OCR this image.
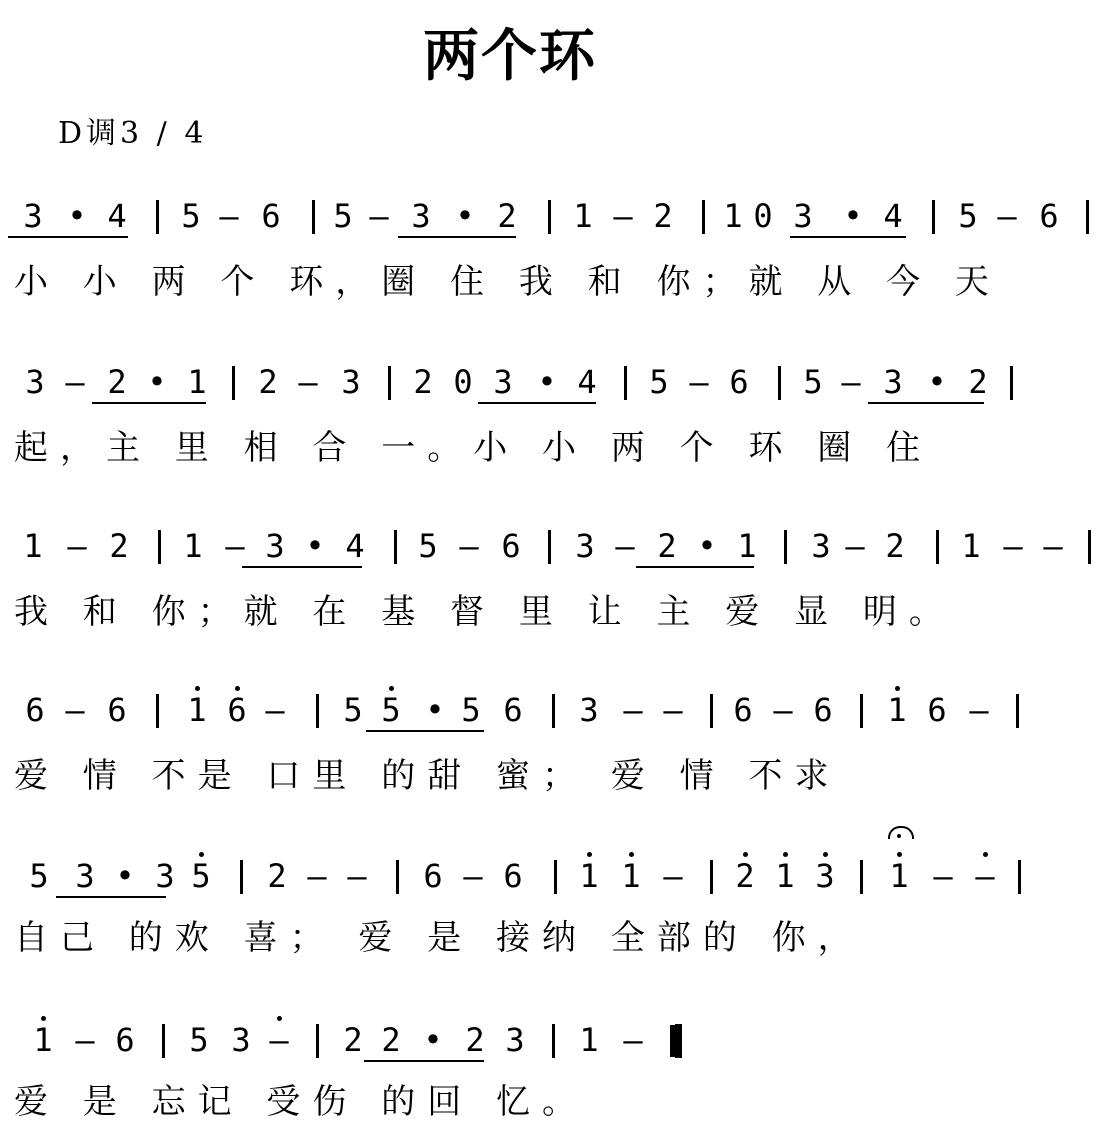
两个环
D调3 / 4
3 • 4 5 — 6 5 — 3 • 2 1 — 2 1 0 3 • 4 5 — 6
小 小 两 个 环，圈 住 我 和 你；就 从 今 天
3 — 2 • 1 2 — 3 2 0 3 • 4 5 — 6 5 — 3 • 2
起，主 里 相 合 一。小 小 两 个 环 圈 住
1 — 2 1 — 3 • 4 5 — 6 3 — 2 • 1 3 — 2 1 — —
我 和 你；就 在 基 督 里 让 主 爱 显 明。
6 — 6 1 6 — 5 5 • 5 6 3 — — 6 — 6 1 6 —
爱 情 不是 口里 的甜 蜜； 爱 情 不求
5 3 • 3 5 2 — — 6 — 6 1 1 — 2 1 3 1 — —
自己 的欢 喜； 爱 是 接纳 全部的 你，
1 — 6 5 3 — 2 2 • 2 3 1 —
爱 是 忘记 受伤 的回 忆。
